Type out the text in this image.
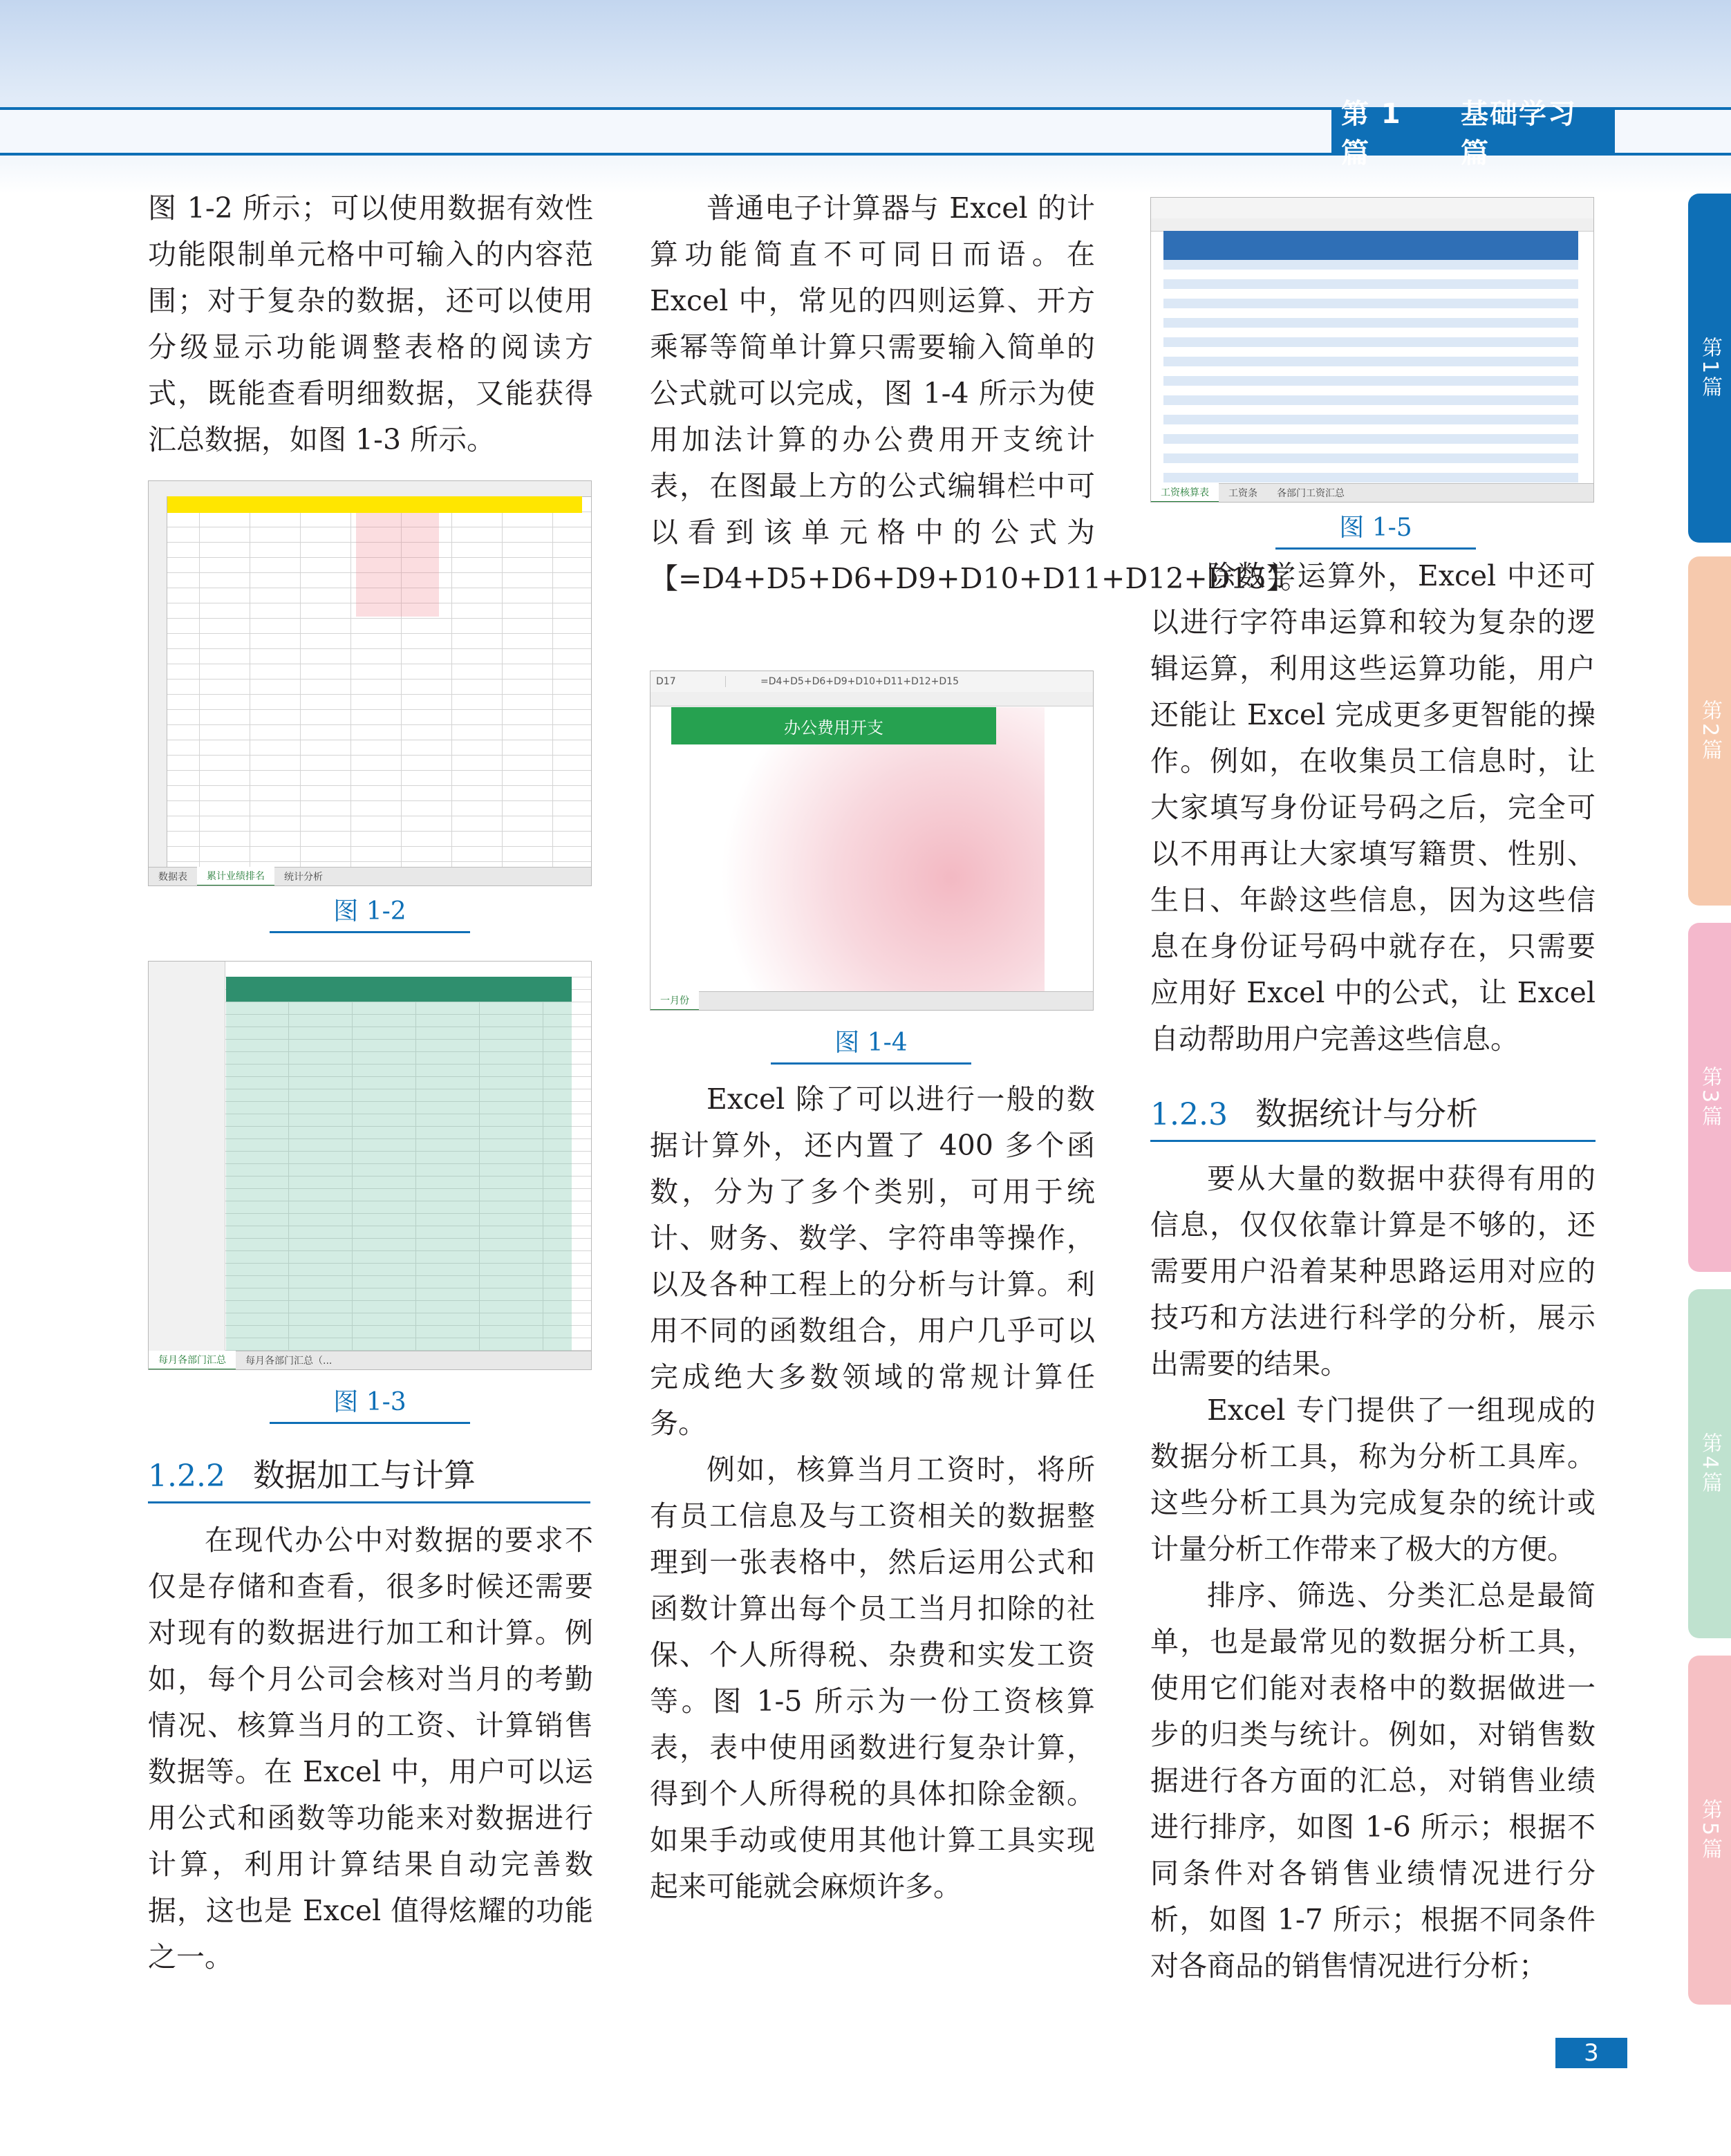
第 1 篇
基础学习篇

图 1-2 所示；可以使用数据有效性功能限制单元格中可输入的内容范围；对于复杂的数据，还可以使用分级显示功能调整表格的阅读方式，既能查看明细数据，又能获得汇总数据，如图 1-3 所示。

数据表	累计业绩排名	统计分析
图 1-2
每月各部门汇总	每月各部门汇总（...
图 1-3
1.2.2 数据加工与计算

在现代办公中对数据的要求不仅是存储和查看，很多时候还需要对现有的数据进行加工和计算。例如，每个月公司会核对当月的考勤情况、核算当月的工资、计算销售数据等。在 Excel 中，用户可以运用公式和函数等功能来对数据进行计算，利用计算结果自动完善数据，这也是 Excel 值得炫耀的功能之一。

普通电子计算器与 Excel 的计算功能简直不可同日而语。在 Excel 中，常见的四则运算、开方乘幂等简单计算只需要输入简单的公式就可以完成，图 1-4 所示为使用加法计算的办公费用开支统计表，在图最上方的公式编辑栏中可以看到该单元格中的公式为【=D4+D5+D6+D9+D10+D11+D12+D15】。

D17	=D4+D5+D6+D9+D10+D11+D12+D15
办公费用开支
一月份
图 1-4

Excel 除了可以进行一般的数据计算外，还内置了 400 多个函数，分为了多个类别，可用于统计、财务、数学、字符串等操作，以及各种工程上的分析与计算。利用不同的函数组合，用户几乎可以完成绝大多数领域的常规计算任务。

例如，核算当月工资时，将所有员工信息及与工资相关的数据整理到一张表格中，然后运用公式和函数计算出每个员工当月扣除的社保、个人所得税、杂费和实发工资等。图 1-5 所示为一份工资核算表，表中使用函数进行复杂计算，得到个人所得税的具体扣除金额。如果手动或使用其他计算工具实现起来可能就会麻烦许多。

工资核算表	工资条	各部门工资汇总
图 1-5

除数学运算外，Excel 中还可以进行字符串运算和较为复杂的逻辑运算，利用这些运算功能，用户还能让 Excel 完成更多更智能的操作。例如，在收集员工信息时，让大家填写身份证号码之后，完全可以不用再让大家填写籍贯、性别、生日、年龄这些信息，因为这些信息在身份证号码中就存在，只需要应用好 Excel 中的公式，让 Excel 自动帮助用户完善这些信息。

1.2.3 数据统计与分析

要从大量的数据中获得有用的信息，仅仅依靠计算是不够的，还需要用户沿着某种思路运用对应的技巧和方法进行科学的分析，展示出需要的结果。

Excel 专门提供了一组现成的数据分析工具，称为分析工具库。这些分析工具为完成复杂的统计或计量分析工作带来了极大的方便。

排序、筛选、分类汇总是最简单，也是最常见的数据分析工具，使用它们能对表格中的数据做进一步的归类与统计。例如，对销售数据进行各方面的汇总，对销售业绩进行排序，如图 1-6 所示；根据不同条件对各销售业绩情况进行分析，如图 1-7 所示；根据不同条件对各商品的销售情况进行分析；

第1篇
第2篇
第3篇
第4篇
第5篇
3
